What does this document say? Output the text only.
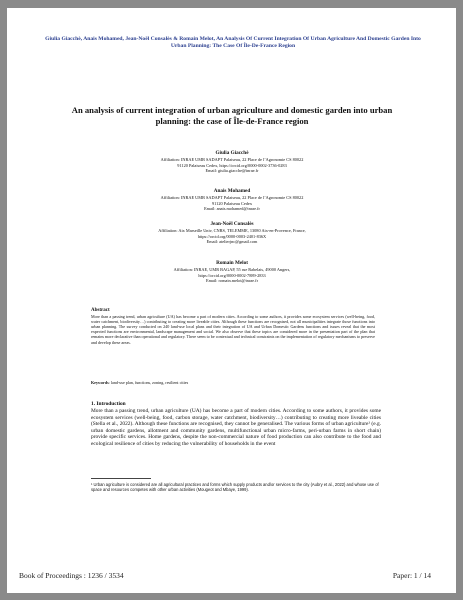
Giulia Giacchè, Anais Mohamed, Jean-Noël Consalès & Romain Melot, An Analysis Of Current Integration Of Urban Agriculture And Domestic Garden Into Urban Planning: The Case Of Île-De-France Region
An analysis of current integration of urban agriculture and domestic garden into urban planning: the case of Île-de-France region
Giulia Giacchè
Affiliation: INRAE UMR SADAPT Palaiseau, 22 Place de l’Agronomie CS 80022
91120 Palaiseau Cedex, https://orcid.org/0000-0002-3736-0283
Email: giulia.giacche@inrae.fr
Anais Mohamed
Affiliation: INRAE UMR SADAPT Palaiseau, 22 Place de l’Agronomie CS 80022
91120 Palaiseau Cedex
Email: anais.mohamed@inrae.fr
Jean-Noël Consalès
Affiliation: Aix Marseille Univ, CNRS, TELEMME, 13080 Aix-en-Provence, France,
https://orcid.org/0000-0003-2401-836X
Email: atelierjnc@gmail.com
Romain Melot
Affiliation: INRAE, UMR BAGAP, 55 rue Rabelais, 49000 Angers,
https://orcid.org/0000-0002-7889-2833
Email: romain.melot@inrae.fr
Abstract
More than a passing trend, urban agriculture (UA) has become a part of modern cities. According to some authors, it provides some ecosystem services (well-being, food, water catchment, biodiversity…) contributing to creating more liveable cities. Although these functions are recognised, not all municipalities integrate those functions into urban planning. The survey conducted on 240 land-use local plans and their integration of UA and Urban Domestic Gardens functions and issues reveal that the most expected functions are environmental, landscape management and social. We also observe that these topics are considered more in the presentation part of the plan that remains more declarative than operational and regulatory. There seem to be contextual and technical constraints on the implementation of regulatory mechanisms to preserve and develop these areas.
Keywords: land-use plan, functions, zoning, resilient cities
1. Introduction
More than a passing trend, urban agriculture (UA) has become a part of modern cities. According to some authors, it provides some ecosystem services (well-being, food, carbon storage, water catchment, biodiversity…) contributing to creating more liveable cities (Stella et al., 2022). Although these functions are recognised, they cannot be generalised. The various forms of urban agriculture¹ (e.g. urban domestic gardens, allotment and community gardens, multifunctional urban micro-farms, peri-urban farms in short chain) provide specific services. Home gardens, despite the non-commercial nature of food production can also contribute to the food and ecological resilience of cities by reducing the vulnerability of households in the event
¹ Urban agriculture is considered are all agricultural practices and forms which supply products and/or services to the city (Aubry et al., 2022) and whose use of space and resources competes with other urban activities (Mougeot and Mbaye, 1999).
Book of Proceedings : 1236 / 3534	Paper: 1 / 14
